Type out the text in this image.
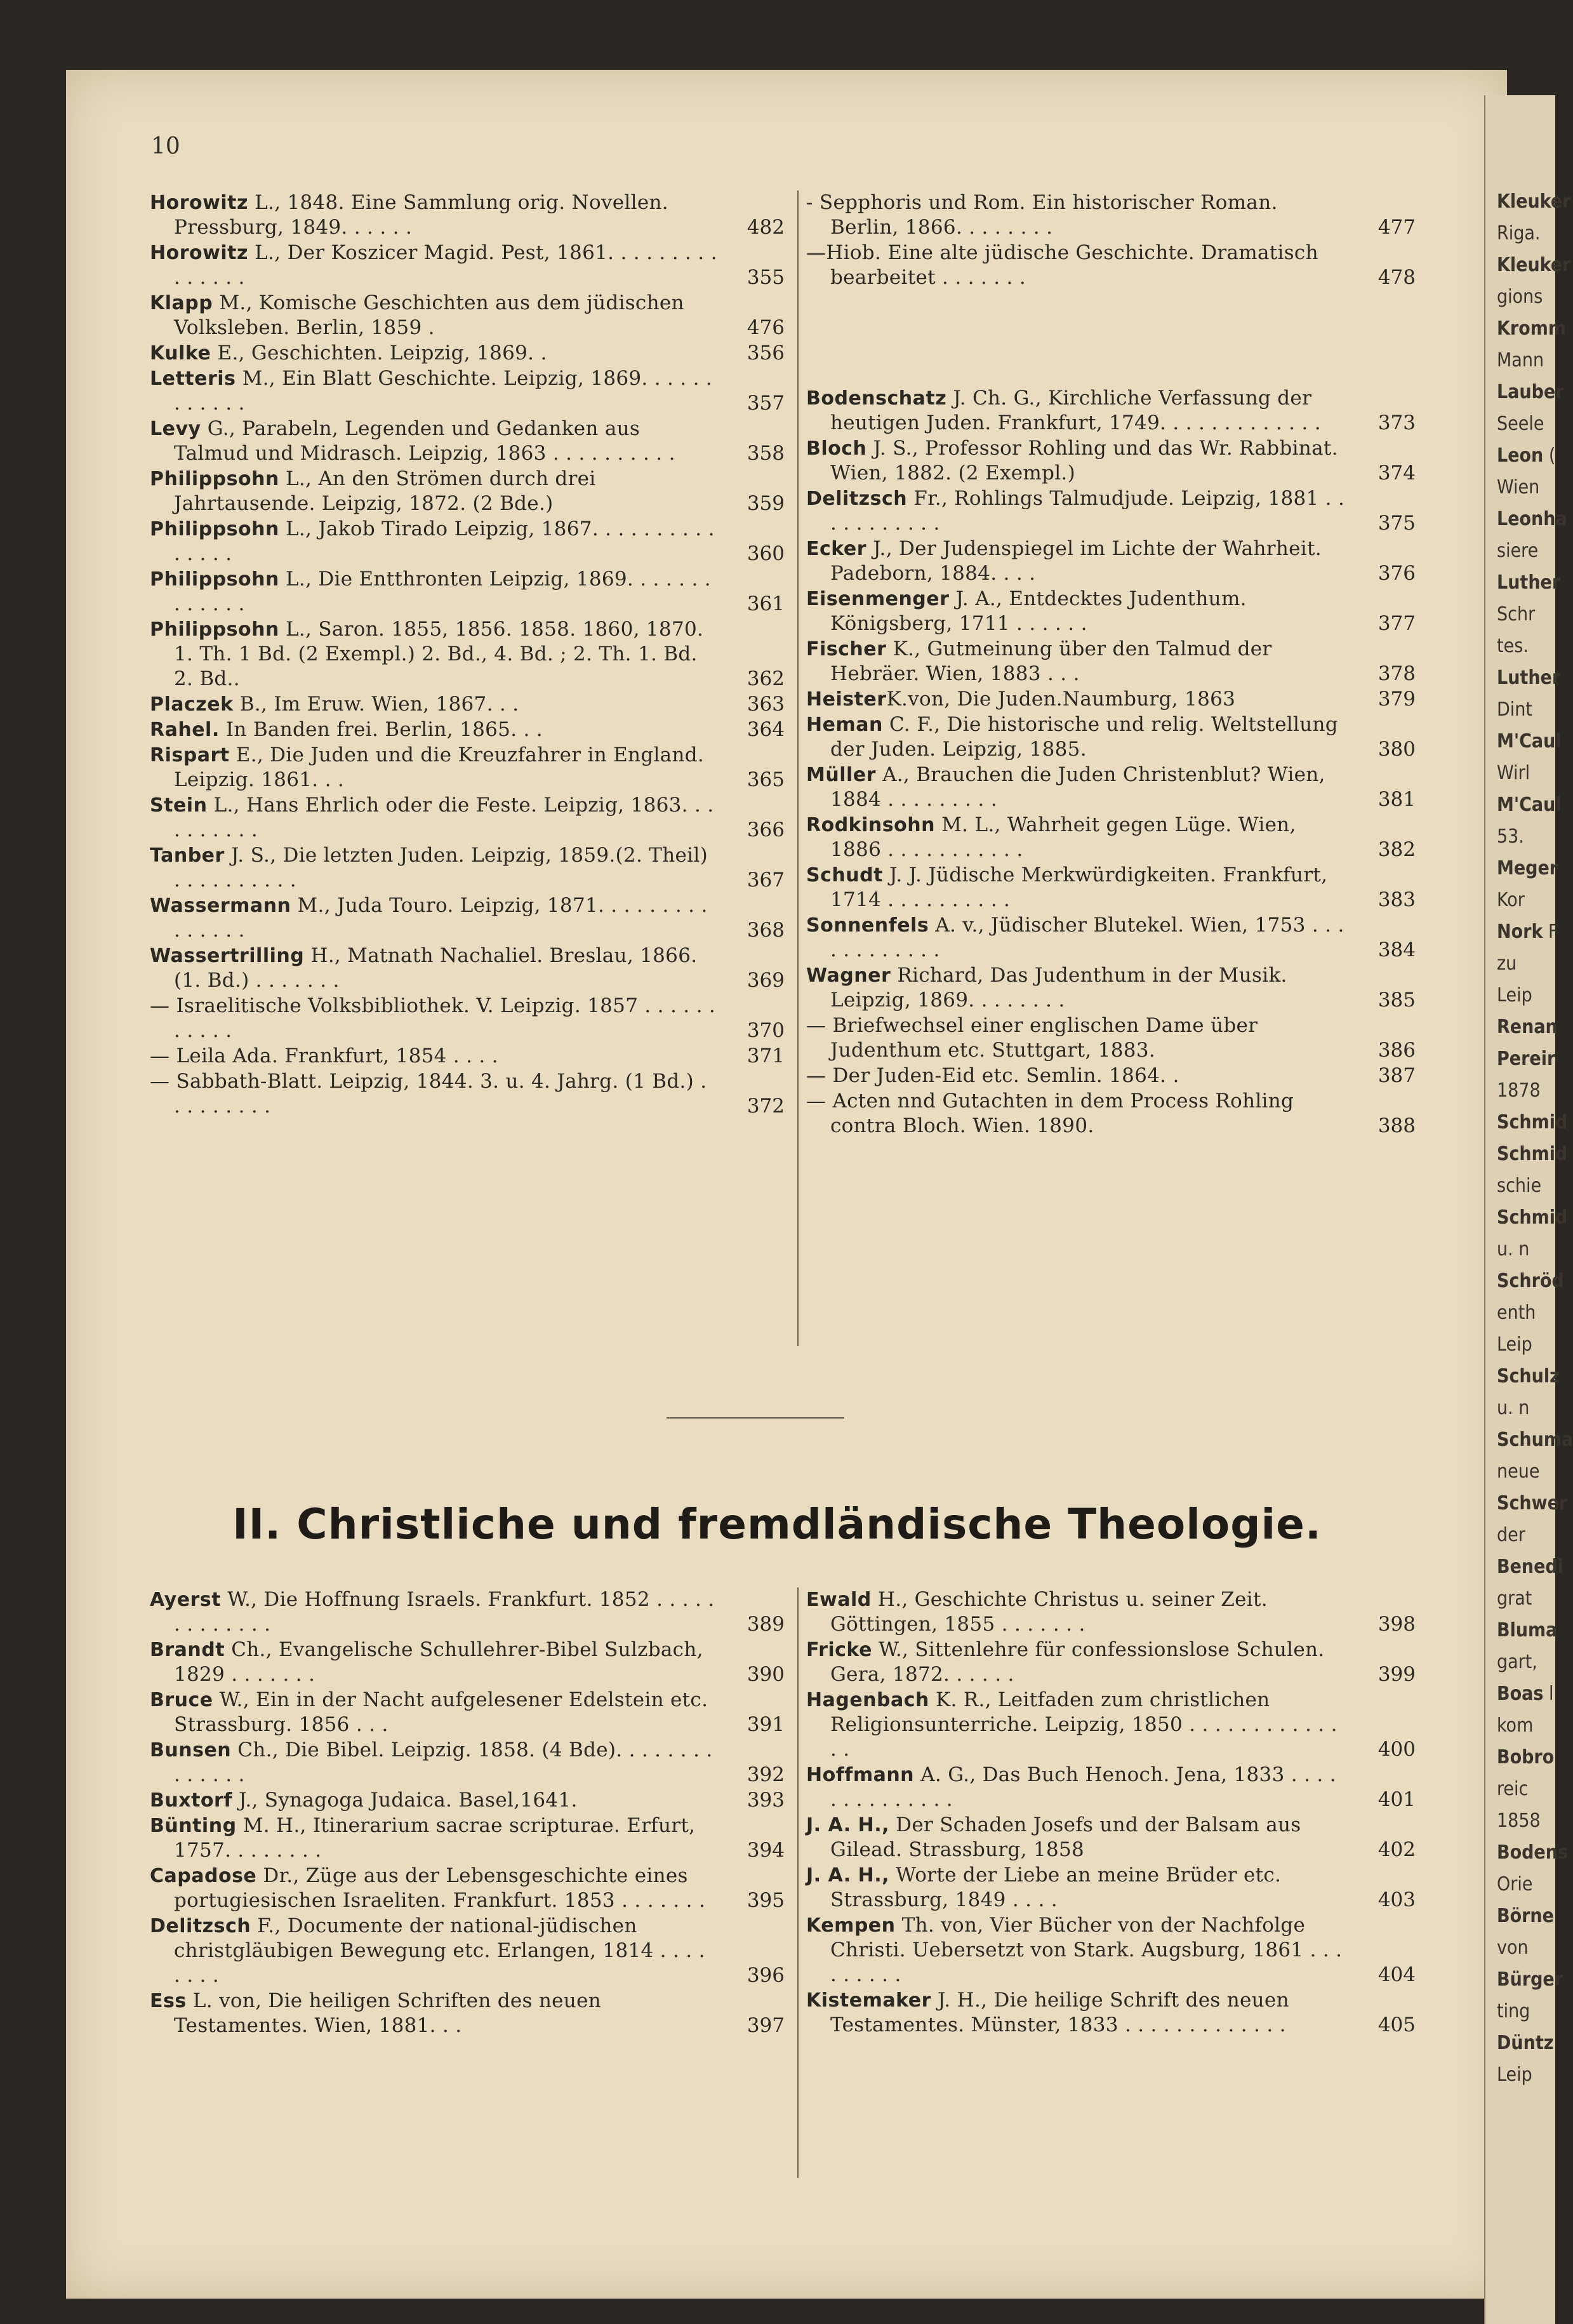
Kleuker
Riga.
Kleuker
gions
Kromm
Mann
Lauber
Seele
Leon (
Wien
Leonha
siere
Luther
Schr
tes.
Luther
Dint
M'Caul
Wirl
M'Caul
53.
Meger
Kor
Nork F
zu
Leip
Renan
Pereir
1878
Schmid
Schmid
schie
Schmid
u. n
Schröd
enth
Leip
Schulz
u. n
Schuma
neue
Schwer
der
Benedi
grat
Bluma
gart,
Boas l
kom
Bobro
reic
1858
Bodens
Orie
Börne
von
Bürger
ting
Düntz
Leip
10
Horowitz L., 1848. Eine Sammlung orig. Novellen. Pressburg, 1849. . . . . .	482
Horowitz L., Der Koszicer Magid. Pest, 1861. . . . . . . . . . . . . . .	355
Klapp M., Komische Geschichten aus dem jüdischen Volksleben. Berlin, 1859 .	476
Kulke E., Geschichten. Leipzig, 1869. .	356
Letteris M., Ein Blatt Geschichte. Leipzig, 1869. . . . . . . . . . . .	357
Levy G., Parabeln, Legenden und Gedanken aus Talmud und Midrasch. Leipzig, 1863 . . . . . . . . . .	358
Philippsohn L., An den Strömen durch drei Jahrtausende. Leipzig, 1872. (2 Bde.)	359
Philippsohn L., Jakob Tirado Leipzig, 1867. . . . . . . . . . . . . . .	360
Philippsohn L., Die Entthronten Leipzig, 1869. . . . . . . . . . . . .	361
Philippsohn L., Saron. 1855, 1856. 1858. 1860, 1870. 1. Th. 1 Bd. (2 Exempl.) 2. Bd., 4. Bd. ; 2. Th. 1. Bd. 2. Bd..	362
Placzek B., Im Eruw. Wien, 1867. . .	363
Rahel. In Banden frei. Berlin, 1865. . .	364
Rispart E., Die Juden und die Kreuzfahrer in England. Leipzig. 1861. . .	365
Stein L., Hans Ehrlich oder die Feste. Leipzig, 1863. . . . . . . . . .	366
Tanber J. S., Die letzten Juden. Leipzig, 1859.(2. Theil) . . . . . . . . . .	367
Wassermann M., Juda Touro. Leipzig, 1871. . . . . . . . . . . . . . .	368
Wassertrilling H., Matnath Nachaliel. Breslau, 1866. (1. Bd.) . . . . . . .	369
— Israelitische Volksbibliothek. V. Leipzig. 1857 . . . . . . . . . . .	370
— Leila Ada. Frankfurt, 1854 . . . .	371
— Sabbath-Blatt. Leipzig, 1844. 3. u. 4. Jahrg. (1 Bd.) . . . . . . . . .	372
- Sepphoris und Rom. Ein historischer Roman. Berlin, 1866. . . . . . . .	477
—Hiob. Eine alte jüdische Geschichte. Dramatisch bearbeitet . . . . . . .	478
Bodenschatz J. Ch. G., Kirchliche Verfassung der heutigen Juden. Frankfurt, 1749. . . . . . . . . . . . .	373
Bloch J. S., Professor Rohling und das Wr. Rabbinat. Wien, 1882. (2 Exempl.)	374
Delitzsch Fr., Rohlings Talmudjude. Leipzig, 1881 . . . . . . . . . . .	375
Ecker J., Der Judenspiegel im Lichte der Wahrheit. Padeborn, 1884. . . .	376
Eisenmenger J. A., Entdecktes Judenthum. Königsberg, 1711 . . . . . .	377
Fischer K., Gutmeinung über den Talmud der Hebräer. Wien, 1883 . . .	378
HeisterK.von, Die Juden.Naumburg, 1863	379
Heman C. F., Die historische und relig. Weltstellung der Juden. Leipzig, 1885.	380
Müller A., Brauchen die Juden Christenblut? Wien, 1884 . . . . . . . . .	381
Rodkinsohn M. L., Wahrheit gegen Lüge. Wien, 1886 . . . . . . . . . . .	382
Schudt J. J. Jüdische Merkwürdigkeiten. Frankfurt, 1714 . . . . . . . . . .	383
Sonnenfels A. v., Jüdischer Blutekel. Wien, 1753 . . . . . . . . . . . .	384
Wagner Richard, Das Judenthum in der Musik. Leipzig, 1869. . . . . . . .	385
— Briefwechsel einer englischen Dame über Judenthum etc. Stuttgart, 1883.	386
— Der Juden-Eid etc. Semlin. 1864. .	387
— Acten nnd Gutachten in dem Process Rohling contra Bloch. Wien. 1890.	388
II. Christliche und fremdländische Theologie.
Ayerst W., Die Hoffnung Israels. Frankfurt. 1852 . . . . . . . . . . . . .	389
Brandt Ch., Evangelische Schullehrer-Bibel Sulzbach, 1829 . . . . . . .	390
Bruce W., Ein in der Nacht aufgelesener Edelstein etc. Strassburg. 1856 . . .	391
Bunsen Ch., Die Bibel. Leipzig. 1858. (4 Bde). . . . . . . . . . . . . .	392
Buxtorf J., Synagoga Judaica. Basel,1641.	393
Bünting M. H., Itinerarium sacrae scripturae. Erfurt, 1757. . . . . . . .	394
Capadose Dr., Züge aus der Lebensgeschichte eines portugiesischen Israeliten. Frankfurt. 1853 . . . . . . .	395
Delitzsch F., Documente der national-jüdischen christgläubigen Bewegung etc. Erlangen, 1814 . . . . . . . .	396
Ess L. von, Die heiligen Schriften des neuen Testamentes. Wien, 1881. . .	397
Ewald H., Geschichte Christus u. seiner Zeit. Göttingen, 1855 . . . . . . .	398
Fricke W., Sittenlehre für confessionslose Schulen. Gera, 1872. . . . . .	399
Hagenbach K. R., Leitfaden zum christlichen Religionsunterriche. Leipzig, 1850 . . . . . . . . . . . . . .	400
Hoffmann A. G., Das Buch Henoch. Jena, 1833 . . . . . . . . . . . . . .	401
J. A. H., Der Schaden Josefs und der Balsam aus Gilead. Strassburg, 1858	402
J. A. H., Worte der Liebe an meine Brüder etc. Strassburg, 1849 . . . .	403
Kempen Th. von, Vier Bücher von der Nachfolge Christi. Uebersetzt von Stark. Augsburg, 1861 . . . . . . . . .	404
Kistemaker J. H., Die heilige Schrift des neuen Testamentes. Münster, 1833 . . . . . . . . . . . . .	405
